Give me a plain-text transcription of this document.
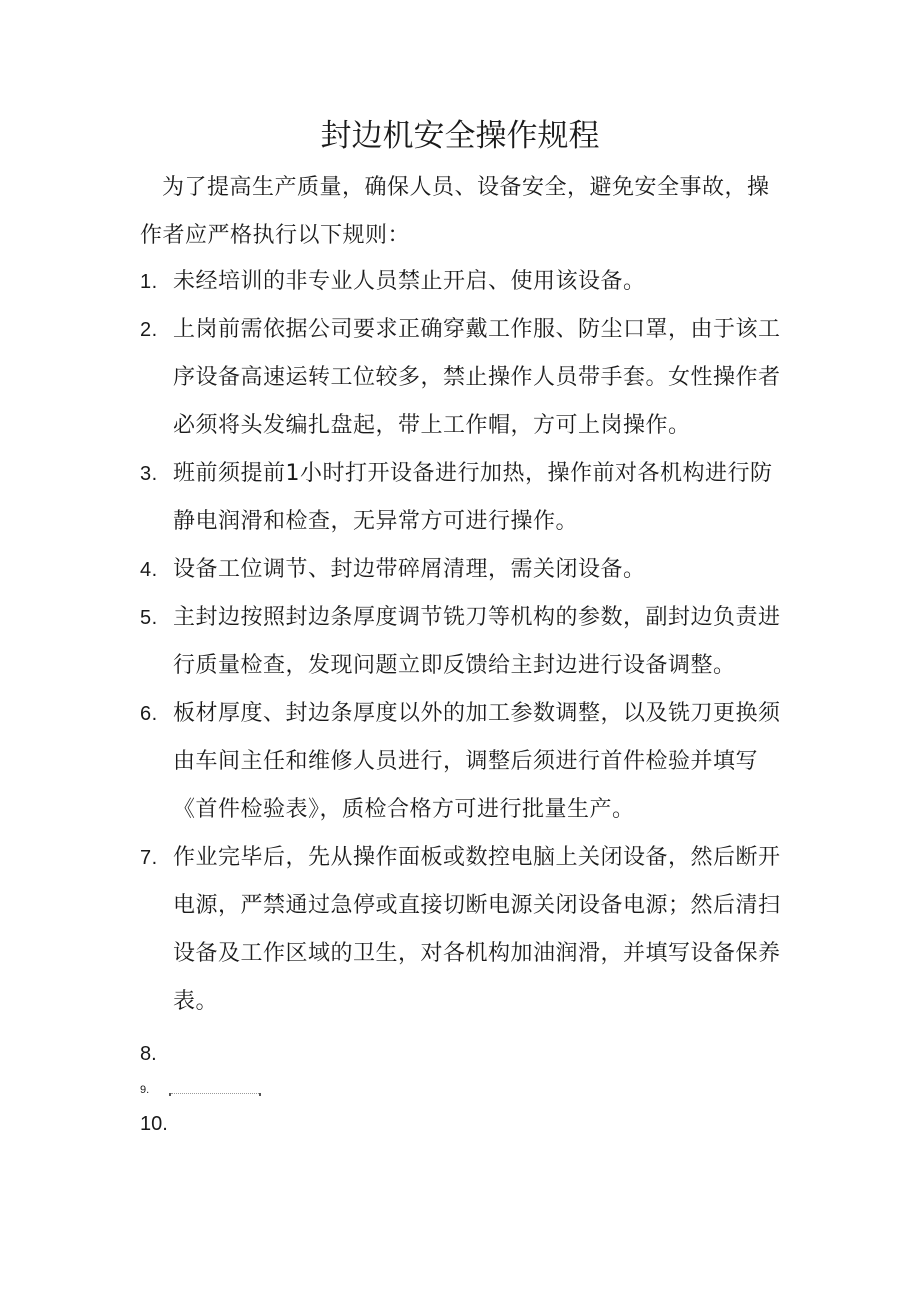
封边机安全操作规程

为了提高生产质量，确保人员、设备安全，避免安全事故，操作者应严格执行以下规则：

1. 未经培训的非专业人员禁止开启、使用该设备。
2. 上岗前需依据公司要求正确穿戴工作服、防尘口罩，由于该工序设备高速运转工位较多，禁止操作人员带手套。女性操作者必须将头发编扎盘起，带上工作帽，方可上岗操作。
3. 班前须提前1小时打开设备进行加热，操作前对各机构进行防静电润滑和检查，无异常方可进行操作。
4. 设备工位调节、封边带碎屑清理，需关闭设备。
5. 主封边按照封边条厚度调节铣刀等机构的参数，副封边负责进行质量检查，发现问题立即反馈给主封边进行设备调整。
6. 板材厚度、封边条厚度以外的加工参数调整，以及铣刀更换须由车间主任和维修人员进行，调整后须进行首件检验并填写《首件检验表》，质检合格方可进行批量生产。
7. 作业完毕后，先从操作面板或数控电脑上关闭设备，然后断开电源，严禁通过急停或直接切断电源关闭设备电源；然后清扫设备及工作区域的卫生，对各机构加油润滑，并填写设备保养表。
8.
9.
10.
